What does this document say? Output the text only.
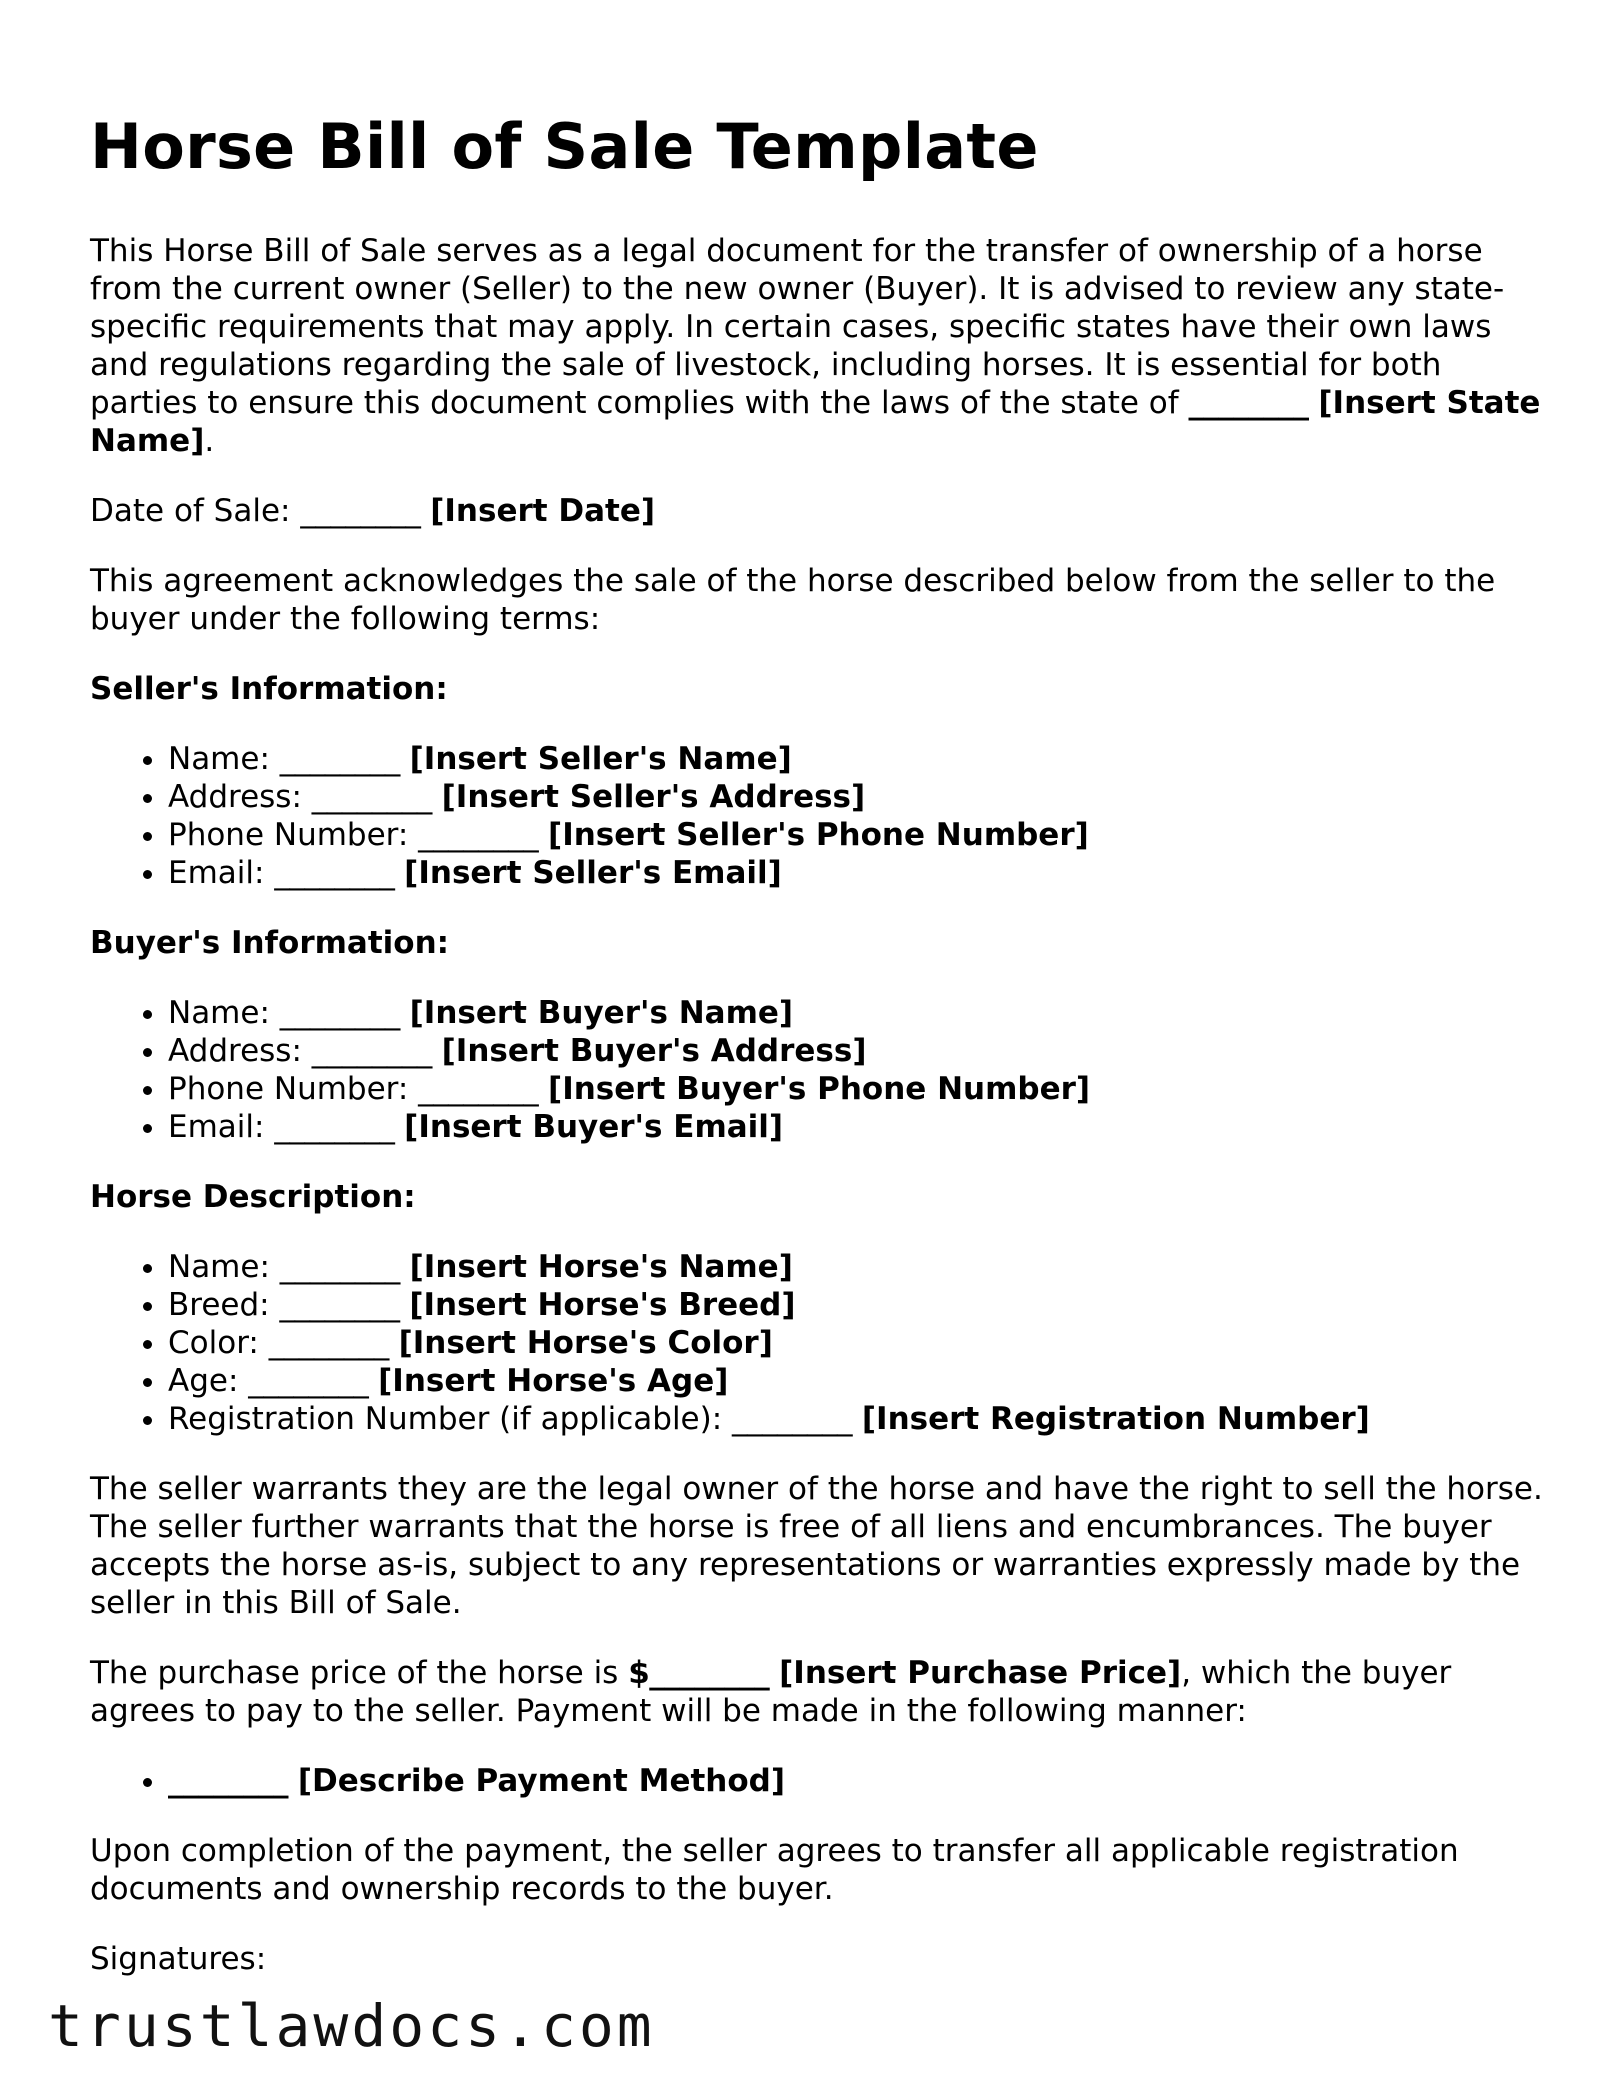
Horse Bill of Sale Template

This Horse Bill of Sale serves as a legal document for the transfer of ownership of a horse from the current owner (Seller) to the new owner (Buyer). It is advised to review any state-specific requirements that may apply. In certain cases, specific states have their own laws and regulations regarding the sale of livestock, including horses. It is essential for both parties to ensure this document complies with the laws of the state of ________ [Insert State Name].

Date of Sale: ________ [Insert Date]

This agreement acknowledges the sale of the horse described below from the seller to the buyer under the following terms:

Seller's Information:
• Name: ________ [Insert Seller's Name]
• Address: ________ [Insert Seller's Address]
• Phone Number: ________ [Insert Seller's Phone Number]
• Email: ________ [Insert Seller's Email]
Buyer's Information:
• Name: ________ [Insert Buyer's Name]
• Address: ________ [Insert Buyer's Address]
• Phone Number: ________ [Insert Buyer's Phone Number]
• Email: ________ [Insert Buyer's Email]
Horse Description:
• Name: ________ [Insert Horse's Name]
• Breed: ________ [Insert Horse's Breed]
• Color: ________ [Insert Horse's Color]
• Age: ________ [Insert Horse's Age]
• Registration Number (if applicable): ________ [Insert Registration Number]

The seller warrants they are the legal owner of the horse and have the right to sell the horse. The seller further warrants that the horse is free of all liens and encumbrances. The buyer accepts the horse as-is, subject to any representations or warranties expressly made by the seller in this Bill of Sale.

The purchase price of the horse is $________ [Insert Purchase Price], which the buyer agrees to pay to the seller. Payment will be made in the following manner:

• ________ [Describe Payment Method]

Upon completion of the payment, the seller agrees to transfer all applicable registration documents and ownership records to the buyer.

Signatures:

trustlawdocs.com
